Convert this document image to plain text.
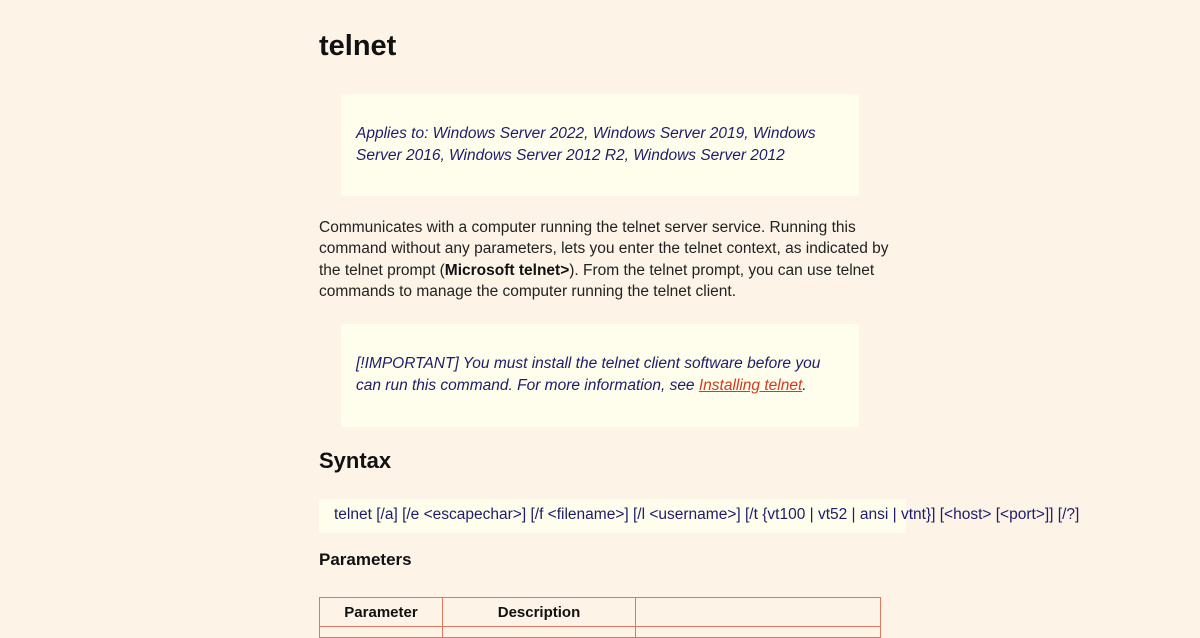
telnet
Applies to: Windows Server 2022, Windows Server 2019, Windows Server 2016, Windows Server 2012 R2, Windows Server 2012

Communicates with a computer running the telnet server service. Running this command without any parameters, lets you enter the telnet context, as indicated by the telnet prompt (Microsoft telnet>). From the telnet prompt, you can use telnet commands to manage the computer running the telnet client.

[!IMPORTANT] You must install the telnet client software before you can run this command. For more information, see Installing telnet.
Syntax
telnet [/a] [/e <escapechar>] [/f <filename>] [/l <username>] [/t {vt100 | vt52 | ansi | vtnt}] [<host> [<port>]] [/?]
Parameters
Parameter	Description	
